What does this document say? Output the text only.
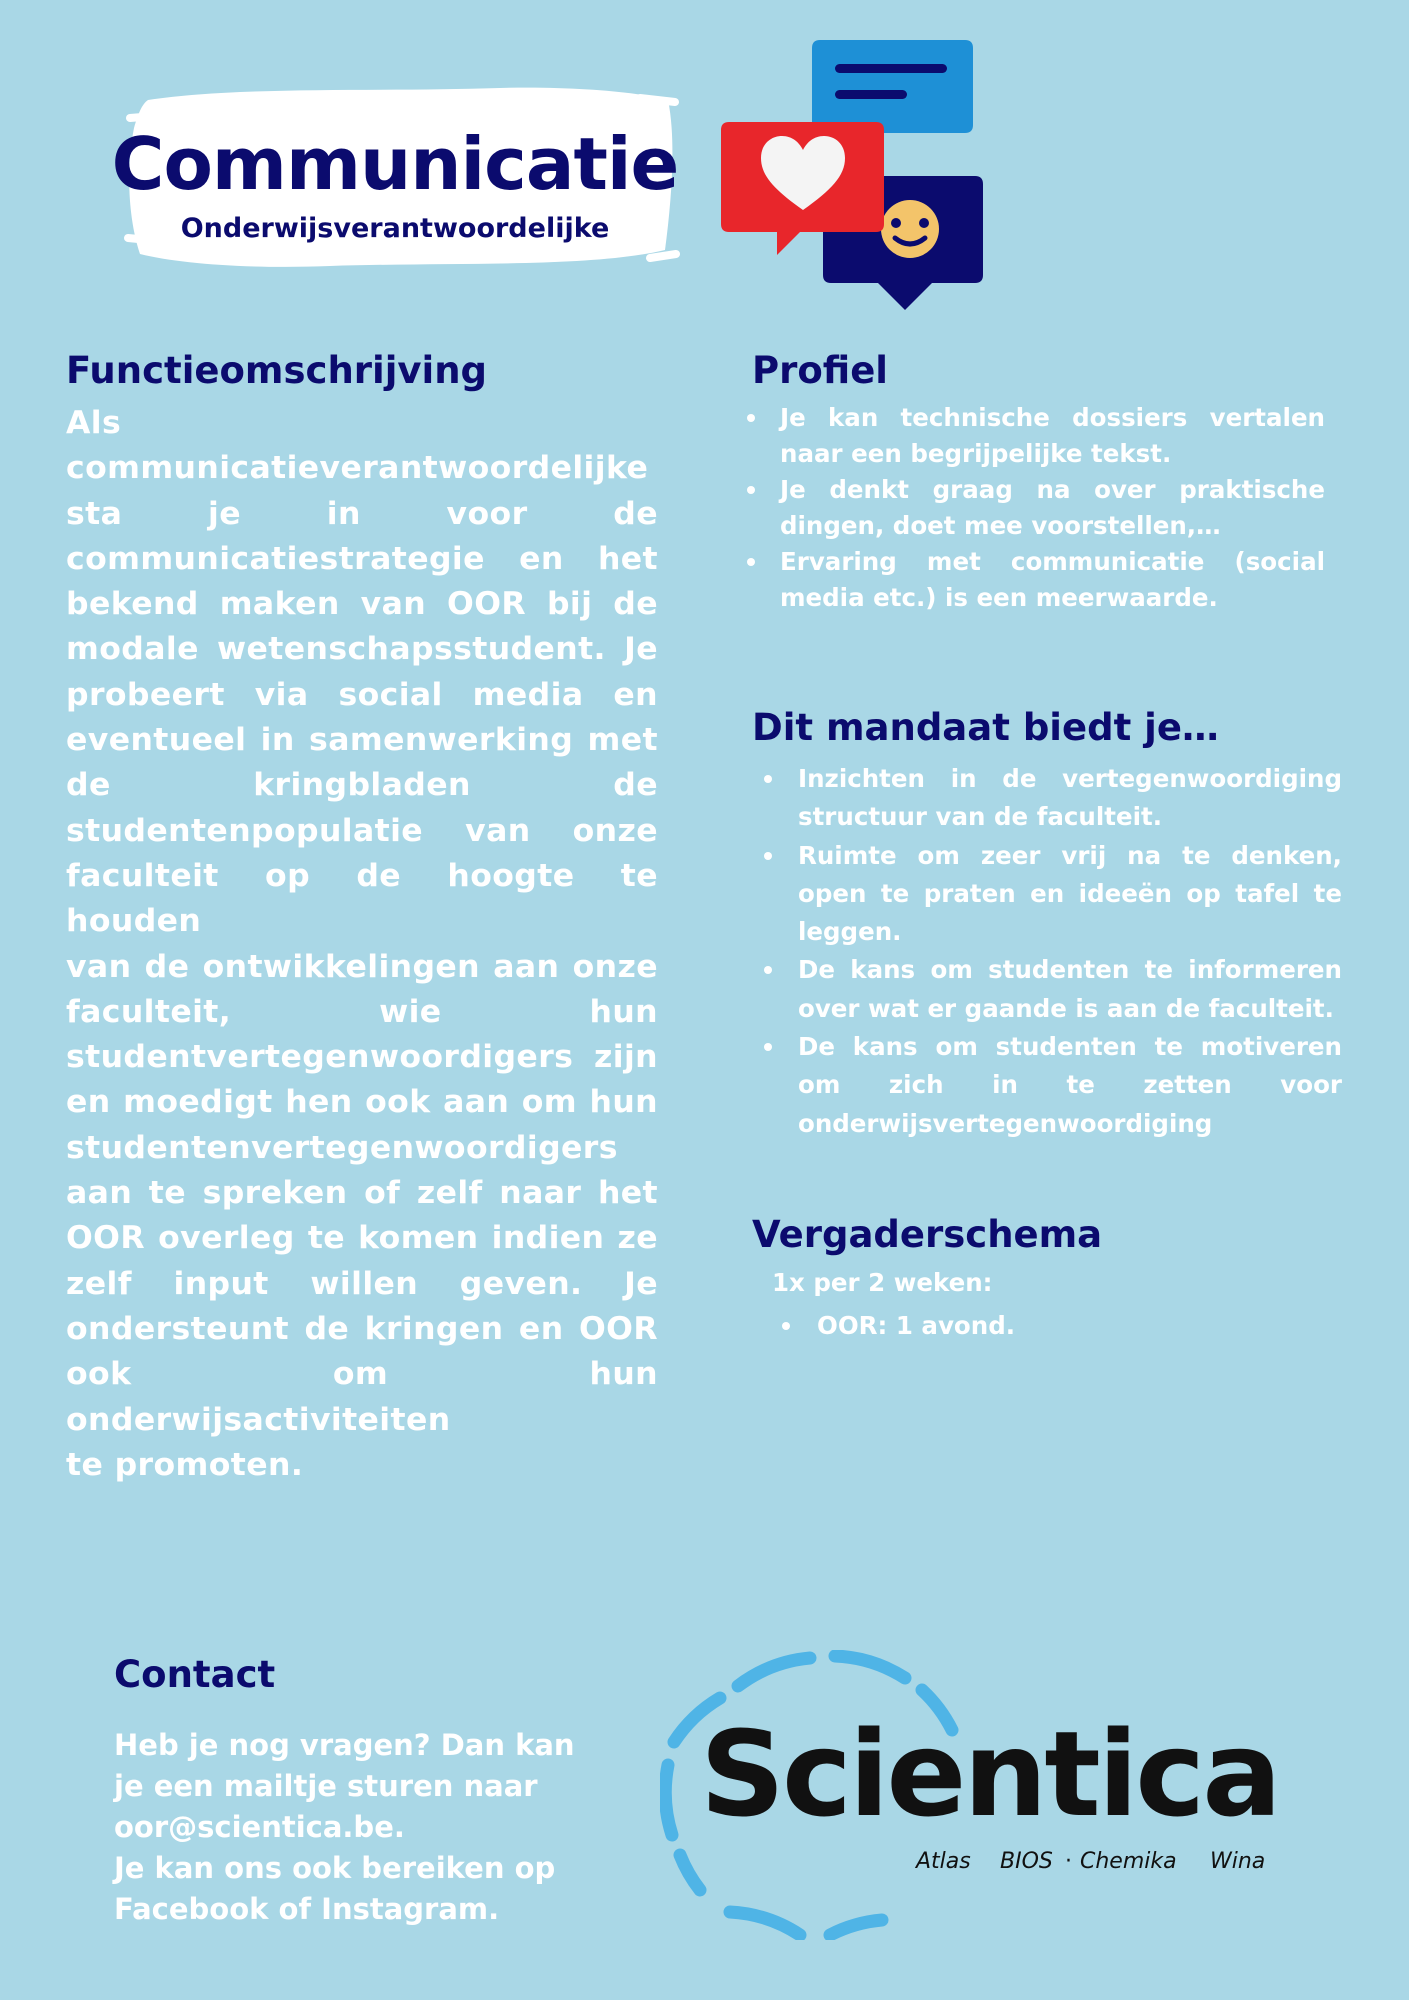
Communicatie

Onderwijsverantwoordelijke

Functieomschrijving
Als
communicatieverantwoordelijke
sta je in voor de
communicatiestrategie en het
bekend maken van OOR bij de
modale wetenschapsstudent. Je
probeert via social media en
eventueel in samenwerking met
de kringbladen de
studentenpopulatie van onze
faculteit op de hoogte te houden
van de ontwikkelingen aan onze
faculteit, wie hun
studentvertegenwoordigers zijn
en moedigt hen ook aan om hun
studentenvertegenwoordigers
aan te spreken of zelf naar het
OOR overleg te komen indien ze
zelf input willen geven. Je
ondersteunt de kringen en OOR
ook om hun onderwijsactiviteiten
te promoten.
Profiel
Je kan technische dossiers vertalen naar een begrijpelijke tekst.
Je denkt graag na over praktische dingen, doet mee voorstellen,…
Ervaring met communicatie (social media etc.) is een meerwaarde.
Dit mandaat biedt je…
Inzichten in de vertegenwoordiging structuur van de faculteit.
Ruimte om zeer vrij na te denken, open te praten en ideeën op tafel te leggen.
De kans om studenten te informeren over wat er gaande is aan de faculteit.
De kans om studenten te motiveren om zich in te zetten voor onderwijsvertegenwoordiging
Vergaderschema

1x per 2 weken:

OOR: 1 avond.
Contact
Heb je nog vragen? Dan kan
je een mailtje sturen naar
oor@scientica.be.
Je kan ons ook bereiken op
Facebook of Instagram.
Scientica
Atlas BIOS · Chemika Wina
